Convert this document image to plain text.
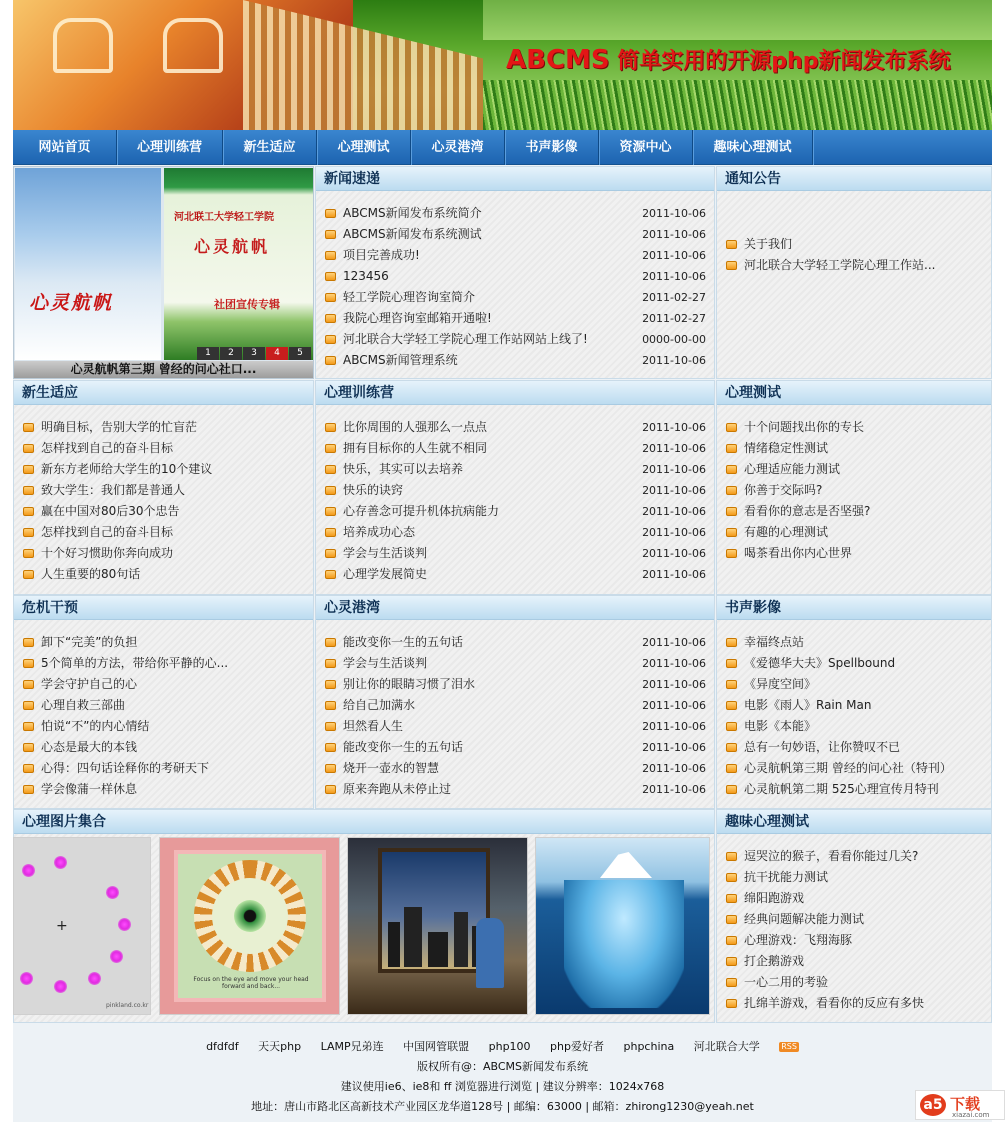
ABCMS 简单实用的开源php新闻发布系统
网站首页	心理训练营	新生适应	心理测试	心灵港湾	书声影像	资源中心	趣味心理测试
心灵航帆
河北联工大学轻工学院
心灵航帆
社团宣传专辑
1	2	3	4	5
心灵航帆第三期 曾经的问心社口...
新闻速递
ABCMS新闻发布系统简介	2011-10-06
ABCMS新闻发布系统测试	2011-10-06
项目完善成功!	2011-10-06
123456	2011-10-06
轻工学院心理咨询室简介	2011-02-27
我院心理咨询室邮箱开通啦!	2011-02-27
河北联合大学轻工学院心理工作站网站上线了!	0000-00-00
ABCMS新闻管理系统	2011-10-06
通知公告
关于我们
河北联合大学轻工学院心理工作站...
新生适应
明确目标，告别大学的忙盲茫
怎样找到自己的奋斗目标
新东方老师给大学生的10个建议
致大学生：我们都是普通人
赢在中国对80后30个忠告
怎样找到自己的奋斗目标
十个好习惯助你奔向成功
人生重要的80句话
心理训练营
比你周围的人强那么一点点	2011-10-06
拥有目标你的人生就不相同	2011-10-06
快乐，其实可以去培养	2011-10-06
快乐的诀窍	2011-10-06
心存善念可提升机体抗病能力	2011-10-06
培养成功心态	2011-10-06
学会与生活谈判	2011-10-06
心理学发展简史	2011-10-06
心理测试
十个问题找出你的专长
情绪稳定性测试
心理适应能力测试
你善于交际吗?
看看你的意志是否坚强?
有趣的心理测试
喝茶看出你内心世界
危机干预
卸下“完美”的负担
5个简单的方法，带给你平静的心...
学会守护自己的心
心理自救三部曲
怕说“不”的内心情结
心态是最大的本钱
心得：四句话诠释你的考研天下
学会像蒲一样休息
心灵港湾
能改变你一生的五句话	2011-10-06
学会与生活谈判	2011-10-06
别让你的眼睛习惯了泪水	2011-10-06
给自己加满水	2011-10-06
坦然看人生	2011-10-06
能改变你一生的五句话	2011-10-06
烧开一壶水的智慧	2011-10-06
原来奔跑从未停止过	2011-10-06
书声影像
幸福终点站
《爱德华大夫》Spellbound
《异度空间》
电影《雨人》Rain Man
电影《本能》
总有一句妙语，让你赞叹不已
心灵航帆第三期 曾经的问心社（特刊）
心灵航帆第二期 525心理宣传月特刊
心理图片集合
+
pinkland.co.kr
Focus on the eye and move your head forward and back...
趣味心理测试
逗哭泣的猴子，看看你能过几关?
抗干扰能力测试
绵阳跑游戏
经典问题解决能力测试
心理游戏：飞翔海豚
打企鹅游戏
一心二用的考验
扎绵羊游戏，看看你的反应有多快
dfdfdf 天天php LAMP兄弟连 中国网管联盟 php100 php爱好者 phpchina 河北联合大学	RSS
版权所有@：ABCMS新闻发布系统
建议使用ie6、ie8和 ff 浏览器进行浏览 | 建议分辨率：1024x768
地址：唐山市路北区高新技术产业园区龙华道128号 | 邮编：63000 | 邮箱：zhirong1230@yeah.net	a5 下载
xiazai.com
